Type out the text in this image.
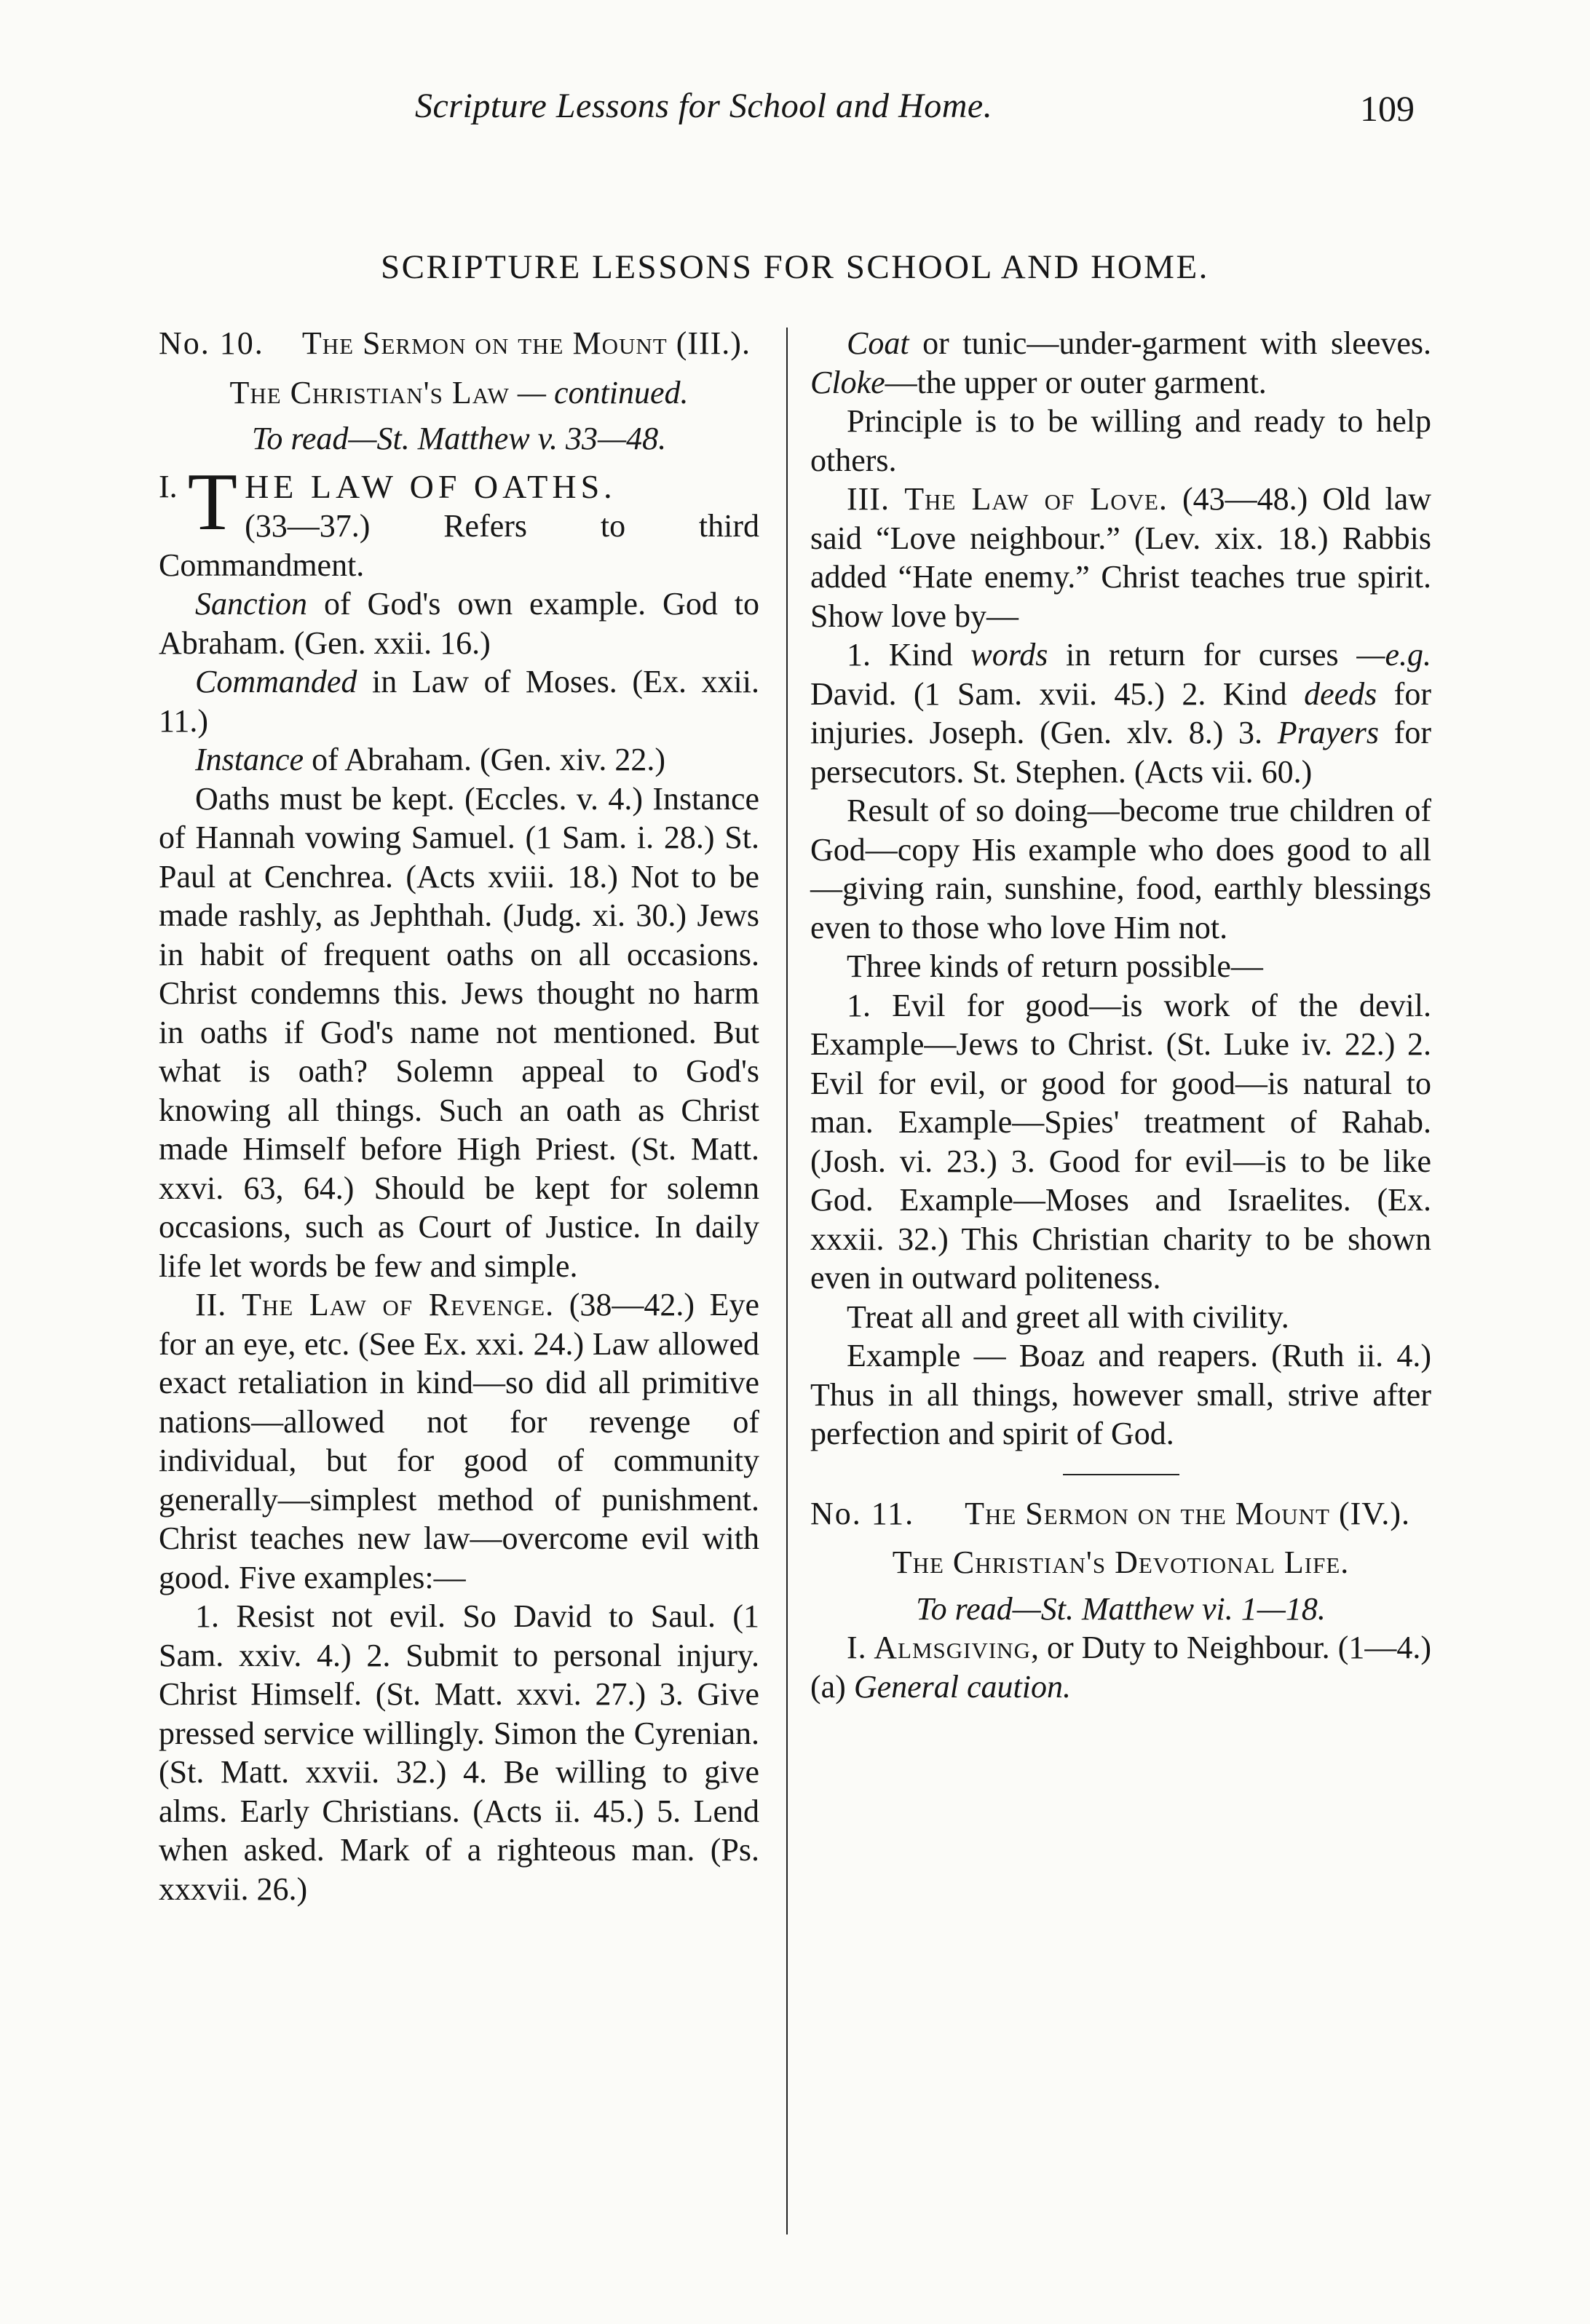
Scripture Lessons for School and Home.	109
SCRIPTURE LESSONS FOR SCHOOL AND HOME.

No. 10. The Sermon on the Mount (III.).

The Christian's Law — continued.

To read—St. Matthew v. 33—48.

I. T HE LAW OF OATHS.
(33—37.) Refers to third Commandment.

Sanction of God's own example. God to Abraham. (Gen. xxii. 16.)

Commanded in Law of Moses. (Ex. xxii. 11.)

Instance of Abraham. (Gen. xiv. 22.)

Oaths must be kept. (Eccles. v. 4.) Instance of Hannah vowing Samuel. (1 Sam. i. 28.) St. Paul at Cenchrea. (Acts xviii. 18.) Not to be made rashly, as Jephthah. (Judg. xi. 30.) Jews in habit of frequent oaths on all occasions. Christ condemns this. Jews thought no harm in oaths if God's name not mentioned. But what is oath? Solemn appeal to God's knowing all things. Such an oath as Christ made Himself before High Priest. (St. Matt. xxvi. 63, 64.) Should be kept for solemn occasions, such as Court of Justice. In daily life let words be few and simple.

II. The Law of Revenge. (38—42.) Eye for an eye, etc. (See Ex. xxi. 24.) Law allowed exact retaliation in kind—so did all primitive nations—allowed not for revenge of individual, but for good of community generally—simplest method of punishment. Christ teaches new law—overcome evil with good. Five examples:—

1. Resist not evil. So David to Saul. (1 Sam. xxiv. 4.) 2. Submit to personal injury. Christ Himself. (St. Matt. xxvi. 27.) 3. Give pressed service willingly. Simon the Cyrenian. (St. Matt. xxvii. 32.) 4. Be willing to give alms. Early Christians. (Acts ii. 45.) 5. Lend when asked. Mark of a righteous man. (Ps. xxxvii. 26.)

Coat or tunic—under-garment with sleeves. Cloke—the upper or outer garment.

Principle is to be willing and ready to help others.

III. The Law of Love. (43—48.) Old law said “Love neighbour.” (Lev. xix. 18.) Rabbis added “Hate enemy.” Christ teaches true spirit. Show love by—

1. Kind words in return for curses —e.g. David. (1 Sam. xvii. 45.) 2. Kind deeds for injuries. Joseph. (Gen. xlv. 8.) 3. Prayers for persecutors. St. Stephen. (Acts vii. 60.)

Result of so doing—become true children of God—copy His example who does good to all—giving rain, sunshine, food, earthly blessings even to those who love Him not.

Three kinds of return possible—

1. Evil for good—is work of the devil. Example—Jews to Christ. (St. Luke iv. 22.) 2. Evil for evil, or good for good—is natural to man. Example—Spies' treatment of Rahab. (Josh. vi. 23.) 3. Good for evil—is to be like God. Example—Moses and Israelites. (Ex. xxxii. 32.) This Christian charity to be shown even in outward politeness.

Treat all and greet all with civility.

Example — Boaz and reapers. (Ruth ii. 4.) Thus in all things, however small, strive after perfection and spirit of God.

No. 11.	The Sermon on the Mount (IV.).

The Christian's Devotional Life.

To read—St. Matthew vi. 1—18.

I. Almsgiving, or Duty to Neighbour. (1—4.) (a) General caution.
